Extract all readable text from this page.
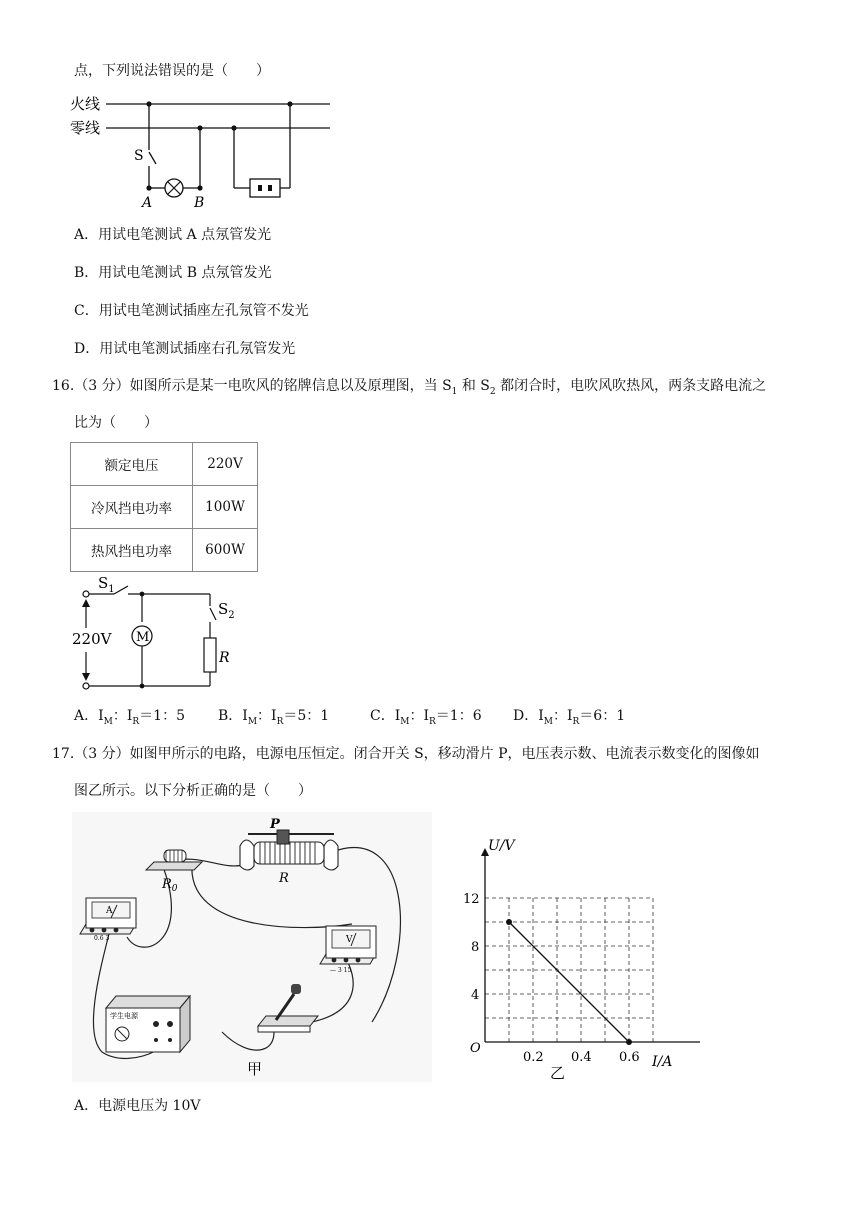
点，下列说法错误的是（　　）
火线
零线
S
A	B
A．用试电笔测试 A 点氖管发光
B．用试电笔测试 B 点氖管发光
C．用试电笔测试插座左孔氖管不发光
D．用试电笔测试插座右孔氖管发光
16.（3 分）如图所示是某一电吹风的铭牌信息以及原理图，当 $S_1$ 和 $S_2$ 都闭合时，电吹风吹热风，两条支路电流之
比为（　　）
额定电压	220V
冷风挡电功率	100W
热风挡电功率	600W
$S_1$
$S_2$
R
M
220V
A．$I_M$：$I_R=1$：5 B．$I_M$：$I_R=5$：1	C．$I_M$：$I_R=1$：6 D．$I_M$：$I_R=6$：1
17.（3 分）如图甲所示的电路，电源电压恒定。闭合开关 S，移动滑片 P，电压表示数、电流表示数变化的图像如
图乙所示。以下分析正确的是（　　）
$R_0$
P
R
A
0.6 3	V
— 3 15
学生电源
甲
0.2 0.4 0.6
4
8
12
U/V
I/A
O
乙
A．电源电压为 10V
